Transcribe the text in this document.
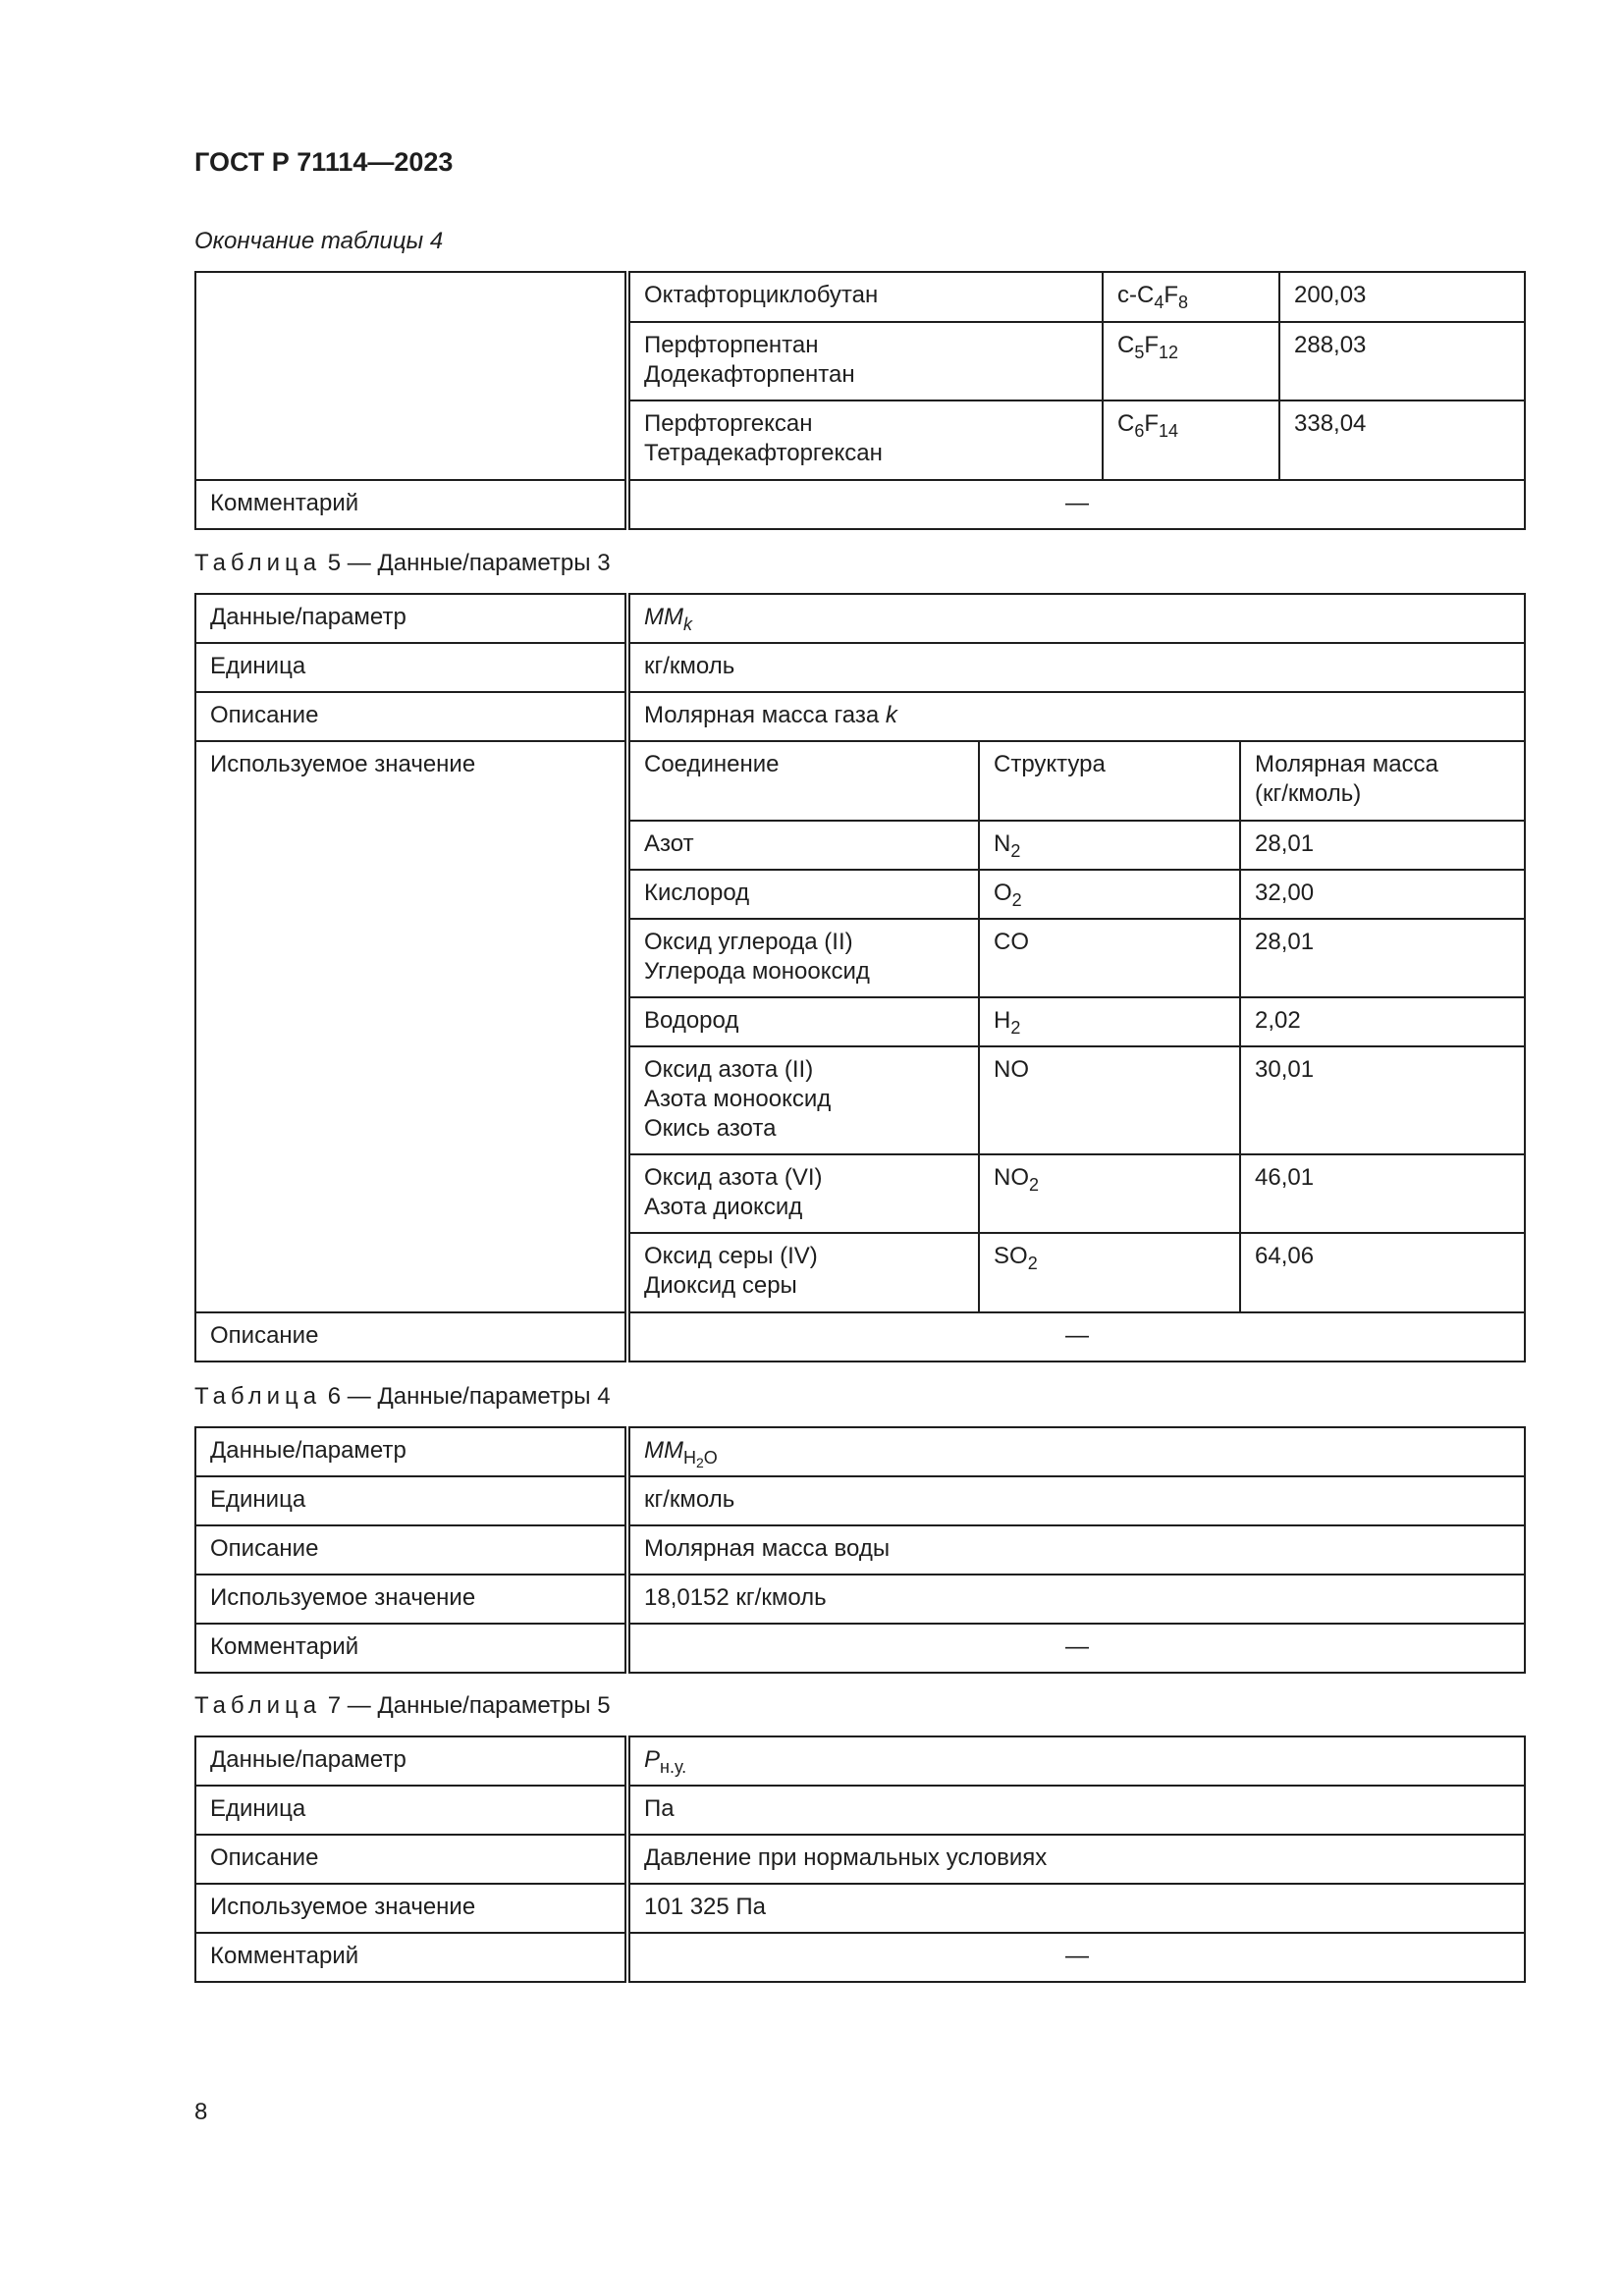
ГОСТ Р 71114—2023
Окончание таблицы 4

Октафторциклобутан	$c-C_4F_8$	200,03
Перфторпентан
Додекафторпентан	$C_5F_{12}$	288,03
Перфторгексан
Тетрадекафторгексан	$C_6F_{14}$	338,04

Комментарий	—
Таблица 5 — Данные/параметры 3
Данные/параметр	$MM_k$
Единица	кг/кмоль
Описание	Молярная масса газа k
Используемое значение		Соединение	Структура	Молярная масса
(кг/кмоль)
Азот	$N_2$	28,01
Кислород	$O_2$	32,00
Оксид углерода (II)
Углерода монооксид	CO	28,01
Водород	$H_2$	2,02
Оксид азота (II)
Азота монооксид
Окись азота	NO	30,01
Оксид азота (VI)
Азота диоксид	$NO_2$	46,01
Оксид серы (IV)
Диоксид серы	$SO_2$	64,06

Описание	—
Таблица 6 — Данные/параметры 4
Данные/параметр	$MM_{H_2O}$
Единица	кг/кмоль
Описание	Молярная масса воды
Используемое значение	18,0152 кг/кмоль
Комментарий	—
Таблица 7 — Данные/параметры 5
Данные/параметр	$P_{н.у.}$
Единица	Па
Описание	Давление при нормальных условиях
Используемое значение	101 325 Па
Комментарий	—
8
